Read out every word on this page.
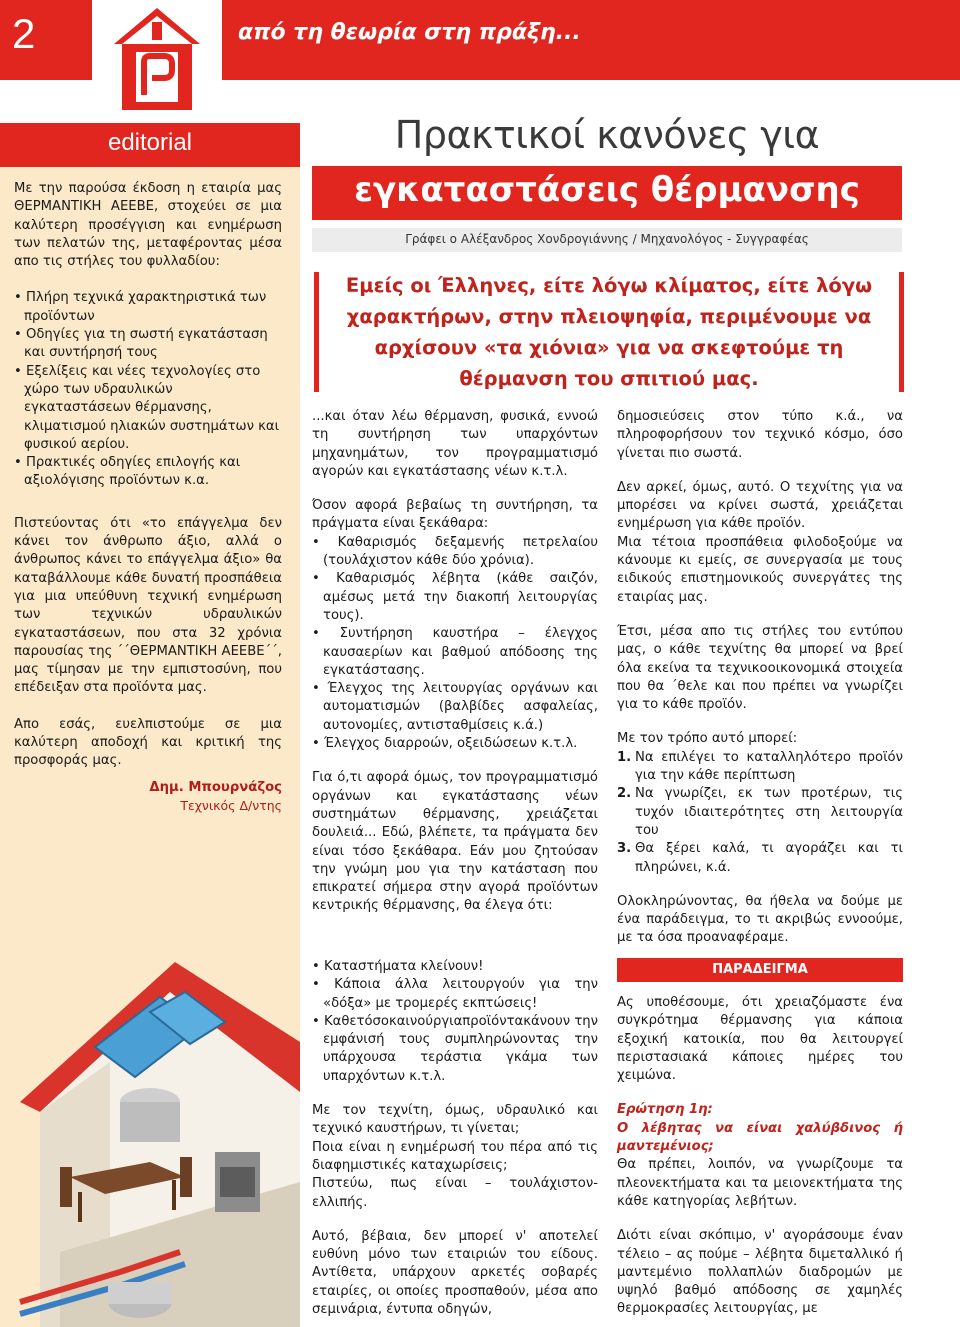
2	από τη θεωρία στη πράξη...
editorial

Με την παρούσα έκδοση η εταιρία μας ΘΕΡΜΑΝΤΙΚΗ ΑΕΕΒΕ, στοχεύει σε μια καλύτερη προσέγγιση και ενημέρωση των πελατών της, μεταφέροντας μέσα απο τις στήλες του φυλλαδίου:

• Πλήρη τεχνικά χαρακτηριστικά των προϊόντων
• Οδηγίες για τη σωστή εγκατάσταση και συντήρησή τους
• Εξελίξεις και νέες τεχνολογίες στο χώρο των υδραυλικών εγκαταστάσεων θέρμανσης, κλιματισμού ηλιακών συστημάτων και φυσικού αερίου.
• Πρακτικές οδηγίες επιλογής και αξιολόγισης προϊόντων κ.α.

Πιστεύοντας ότι «το επάγγελμα δεν κάνει τον άνθρωπο άξιο, αλλά ο άνθρωπος κάνει το επάγγελμα άξιο» θα καταβάλλουμε κάθε δυνατή προσπάθεια για μια υπεύθυνη τεχνική ενημέρωση των τεχνικών υδραυλικών εγκαταστάσεων, που στα 32 χρόνια παρουσίας της ΄΄ΘΕΡΜΑΝΤΙΚΗ ΑΕΕΒΕ΄΄, μας τίμησαν με την εμπιστοσύνη, που επέδειξαν στα προϊόντα μας.

Απο εσάς, ευελπιστούμε σε μια καλύτερη αποδοχή και κριτική της προσφοράς μας.

Δημ. Μπουρνάζος
Τεχνικός Δ/ντης
Πρακτικοί κανόνες για
εγκαταστάσεις θέρμανσης
Γράφει ο Αλέξανδρος Χονδρογιάννης / Μηχανολόγος - Συγγραφέας
Εμείς οι Έλληνες, είτε λόγω κλίματος, είτε λόγω χαρακτήρων, στην πλειοψηφία, περιμένουμε να αρχίσουν «τα χιόνια» για να σκεφτούμε τη θέρμανση του σπιτιού μας.

...και όταν λέω θέρμανση, φυσικά, εννοώ τη συντήρηση των υπαρχόντων μηχανημάτων, τον προγραμματισμό αγορών και εγκατάστασης νέων κ.τ.λ.

Όσον αφορά βεβαίως τη συντήρηση, τα πράγματα είναι ξεκάθαρα:

• Καθαρισμός δεξαμενής πετρελαίου (τουλάχιστον κάθε δύο χρόνια).
• Καθαρισμός λέβητα (κάθε σαιζόν, αμέσως μετά την διακοπή λειτουργίας τους).
• Συντήρηση καυστήρα – έλεγχος καυσαερίων και βαθμού απόδοσης της εγκατάστασης.
• Έλεγχος της λειτουργίας οργάνων και αυτοματισμών (βαλβίδες ασφαλείας, αυτονομίες, αντισταθμίσεις κ.ά.)
• Έλεγχος διαρροών, οξειδώσεων κ.τ.λ.

Για ό,τι αφορά όμως, τον προγραμματισμό οργάνων και εγκατάστασης νέων συστημάτων θέρμανσης, χρειάζεται δουλειά... Εδώ, βλέπετε, τα πράγματα δεν είναι τόσο ξεκάθαρα. Εάν μου ζητούσαν την γνώμη μου για την κατάσταση που επικρατεί σήμερα στην αγορά προϊόντων κεντρικής θέρμανσης, θα έλεγα ότι:

δημοσιεύσεις στον τύπο κ.ά., να πληροφορήσουν τον τεχνικό κόσμο, όσο γίνεται πιο σωστά.

Δεν αρκεί, όμως, αυτό. Ο τεχνίτης για να μπορέσει να κρίνει σωστά, χρειάζεται ενημέρωση για κάθε προϊόν.

Μια τέτοια προσπάθεια φιλοδοξούμε να κάνουμε κι εμείς, σε συνεργασία με τους ειδικούς επιστημονικούς συνεργάτες της εταιρίας μας.

Έτσι, μέσα απο τις στήλες του εντύπου μας, ο κάθε τεχνίτης θα μπορεί να βρεί όλα εκείνα τα τεχνικοοικονομικά στοιχεία που θα ΄θελε και που πρέπει να γνωρίζει για το κάθε προϊόν.

Με τον τρόπο αυτό μπορεί:

1. Να επιλέγει το καταλληλότερο προϊόν για την κάθε περίπτωση
2. Να γνωρίζει, εκ των προτέρων, τις τυχόν ιδιαιτερότητες στη λειτουργία του
3. Θα ξέρει καλά, τι αγοράζει και τι πληρώνει, κ.ά.

Ολοκληρώνοντας, θα ήθελα να δούμε με ένα παράδειγμα, το τι ακριβώς εννοούμε, με τα όσα προαναφέραμε.

• Καταστήματα κλείνουν!
• Κάποια άλλα λειτουργούν για την «δόξα» με τρομερές εκπτώσεις!
• Καθετόσοκαινούργιαπροϊόντακάνουν την εμφάνισή τους συμπληρώνοντας την υπάρχουσα τεράστια γκάμα των υπαρχόντων κ.τ.λ.

Με τον τεχνίτη, όμως, υδραυλικό και τεχνικό καυστήρων, τι γίνεται;
Ποια είναι η ενημέρωσή του πέρα από τις διαφημιστικές καταχωρίσεις;
Πιστεύω, πως είναι – τουλάχιστον- ελλιπής.

Αυτό, βέβαια, δεν μπορεί ν' αποτελεί ευθύνη μόνο των εταιριών του είδους. Αντίθετα, υπάρχουν αρκετές σοβαρές εταιρίες, οι οποίες προσπαθούν, μέσα απο σεμινάρια, έντυπα οδηγών,

ΠΑΡΑΔΕΙΓΜΑ

Ας υποθέσουμε, ότι χρειαζόμαστε ένα συγκρότημα θέρμανσης για κάποια εξοχική κατοικία, που θα λειτουργεί περιστασιακά κάποιες ημέρες του χειμώνα.

Ερώτηση 1η:

Ο λέβητας να είναι χαλύβδινος ή μαντεμένιος;

Θα πρέπει, λοιπόν, να γνωρίζουμε τα πλεονεκτήματα και τα μειονεκτήματα της κάθε κατηγορίας λεβήτων.

Διότι είναι σκόπιμο, ν' αγοράσουμε έναν τέλειο – ας πούμε – λέβητα διμεταλλικό ή μαντεμένιο πολλαπλών διαδρομών με υψηλό βαθμό απόδοσης σε χαμηλές θερμοκρασίες λειτουργίας, με
